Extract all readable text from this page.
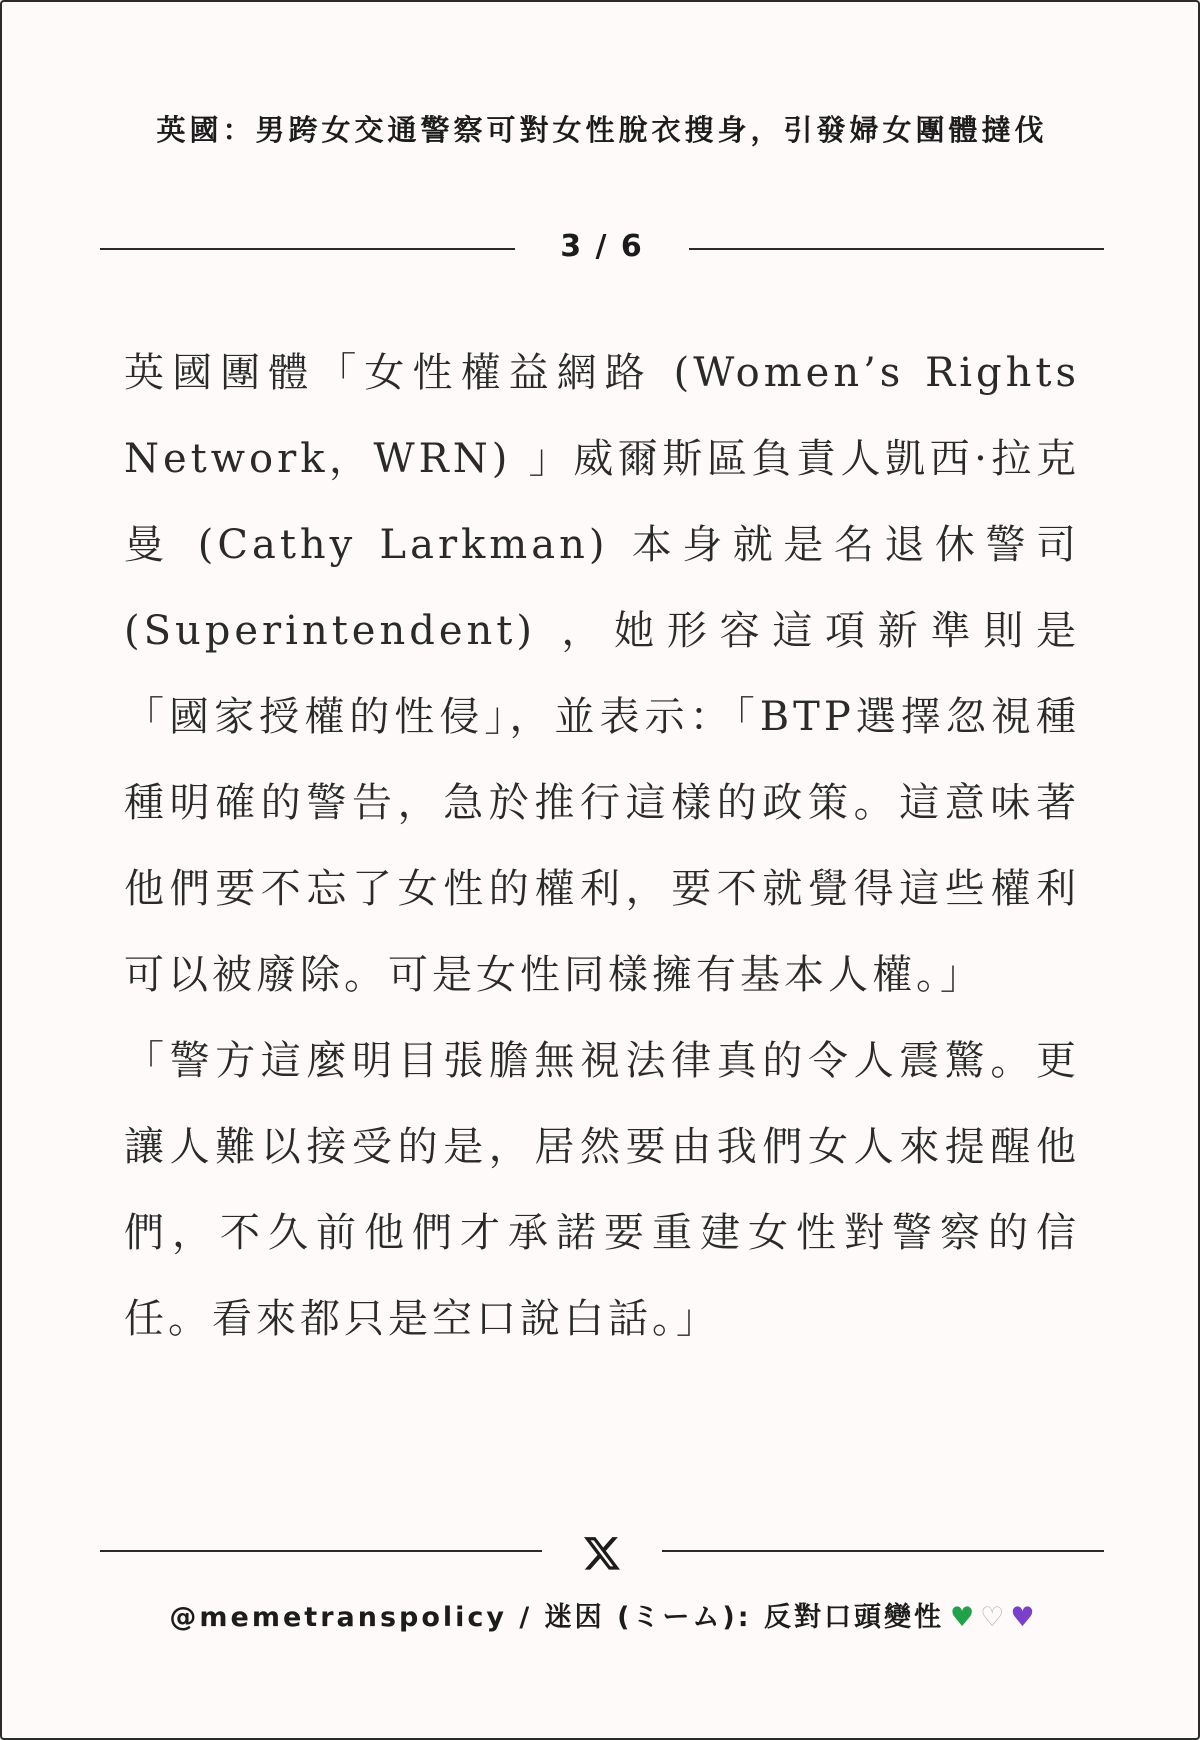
英國：男跨女交通警察可對女性脫衣搜身，引發婦女團體撻伐
3 / 6

英國團體「女性權益網路 (Women’s Rights Network，WRN) 」威爾斯區負責人凱西·拉克曼 (Cathy Larkman) 本身就是名退休警司 (Superintendent) ，她形容這項新準則是「國家授權的性侵」，並表示：「BTP選擇忽視種種明確的警告，急於推行這樣的政策。這意味著他們要不忘了女性的權利，要不就覺得這些權利可以被廢除。可是女性同樣擁有基本人權。」

「警方這麼明目張膽無視法律真的令人震驚。更讓人難以接受的是，居然要由我們女人來提醒他們，不久前他們才承諾要重建女性對警察的信任。看來都只是空口說白話。」

@memetranspolicy / 迷因 (ミーム): 反對口頭變性 ♥ ♡ ♥
